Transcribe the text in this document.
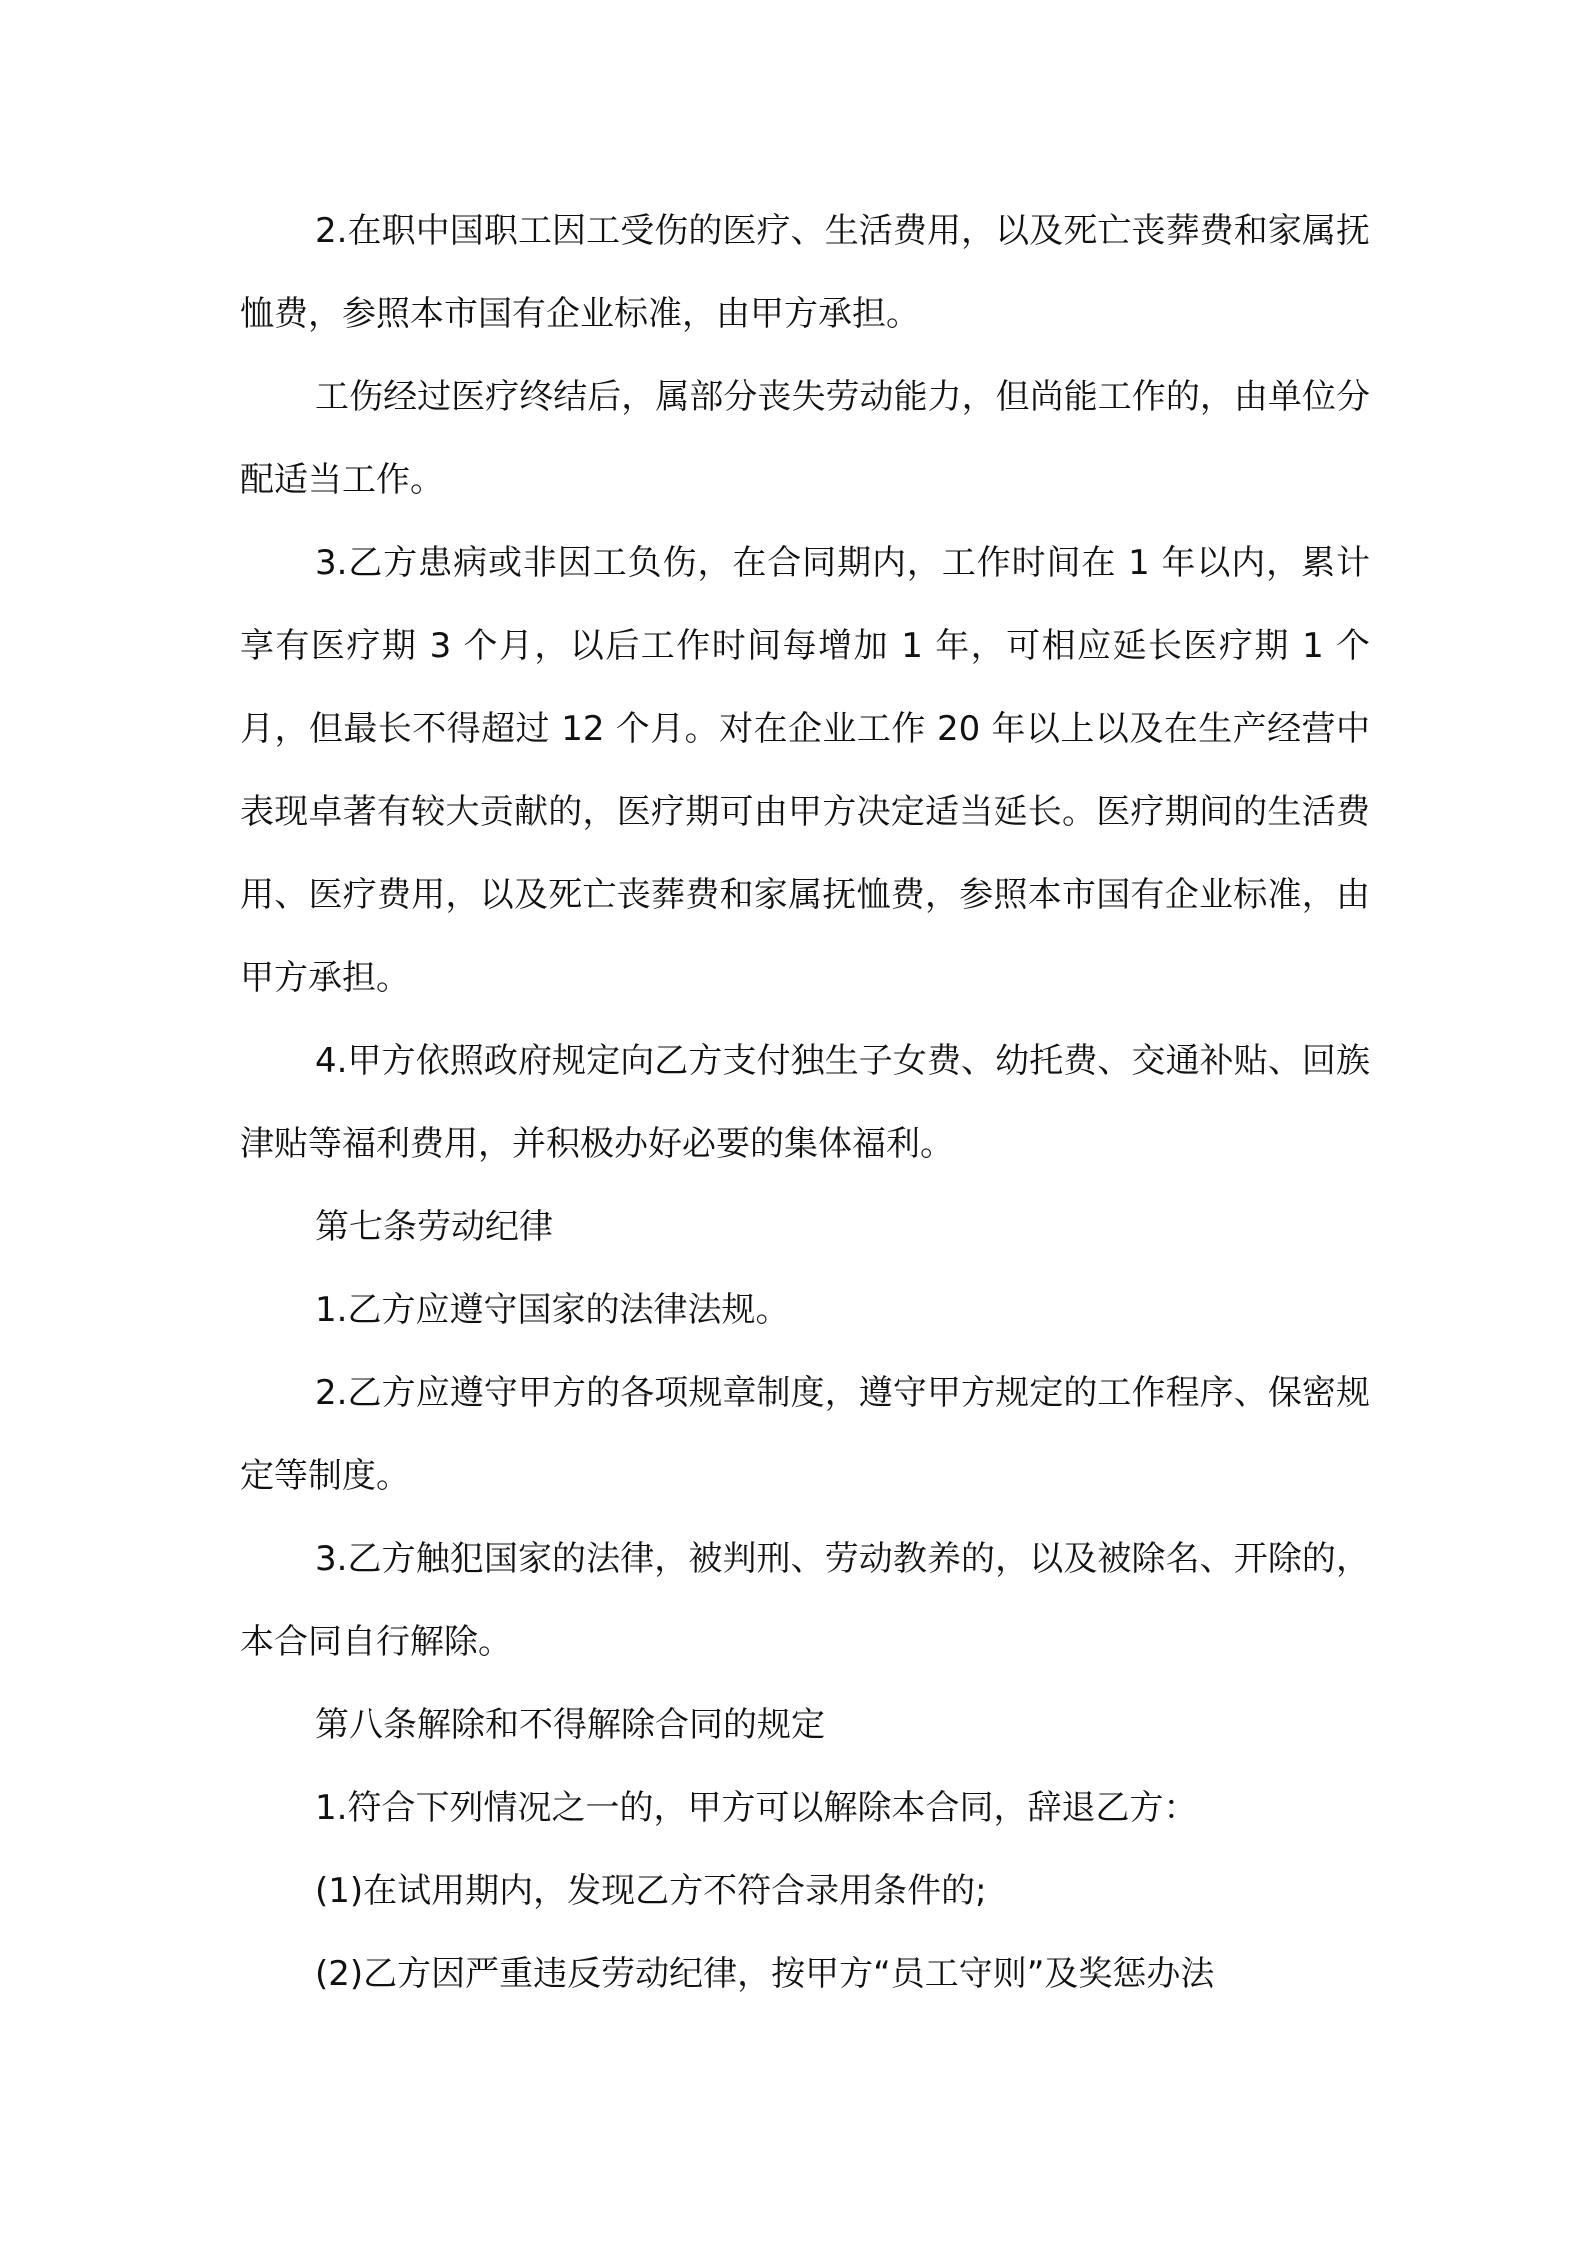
2.在职中国职工因工受伤的医疗、生活费用，以及死亡丧葬费和家属抚恤费，参照本市国有企业标准，由甲方承担。

工伤经过医疗终结后，属部分丧失劳动能力，但尚能工作的，由单位分配适当工作。

3.乙方患病或非因工负伤，在合同期内，工作时间在 1 年以内，累计享有医疗期 3 个月，以后工作时间每增加 1 年，可相应延长医疗期 1 个月，但最长不得超过 12 个月。对在企业工作 20 年以上以及在生产经营中表现卓著有较大贡献的，医疗期可由甲方决定适当延长。医疗期间的生活费用、医疗费用，以及死亡丧葬费和家属抚恤费，参照本市国有企业标准，由甲方承担。

4.甲方依照政府规定向乙方支付独生子女费、幼托费、交通补贴、回族津贴等福利费用，并积极办好必要的集体福利。

第七条劳动纪律

1.乙方应遵守国家的法律法规。

2.乙方应遵守甲方的各项规章制度，遵守甲方规定的工作程序、保密规定等制度。

3.乙方触犯国家的法律，被判刑、劳动教养的，以及被除名、开除的，本合同自行解除。

第八条解除和不得解除合同的规定

1.符合下列情况之一的，甲方可以解除本合同，辞退乙方：

(1)在试用期内，发现乙方不符合录用条件的;

(2)乙方因严重违反劳动纪律，按甲方“员工守则”及奖惩办法
